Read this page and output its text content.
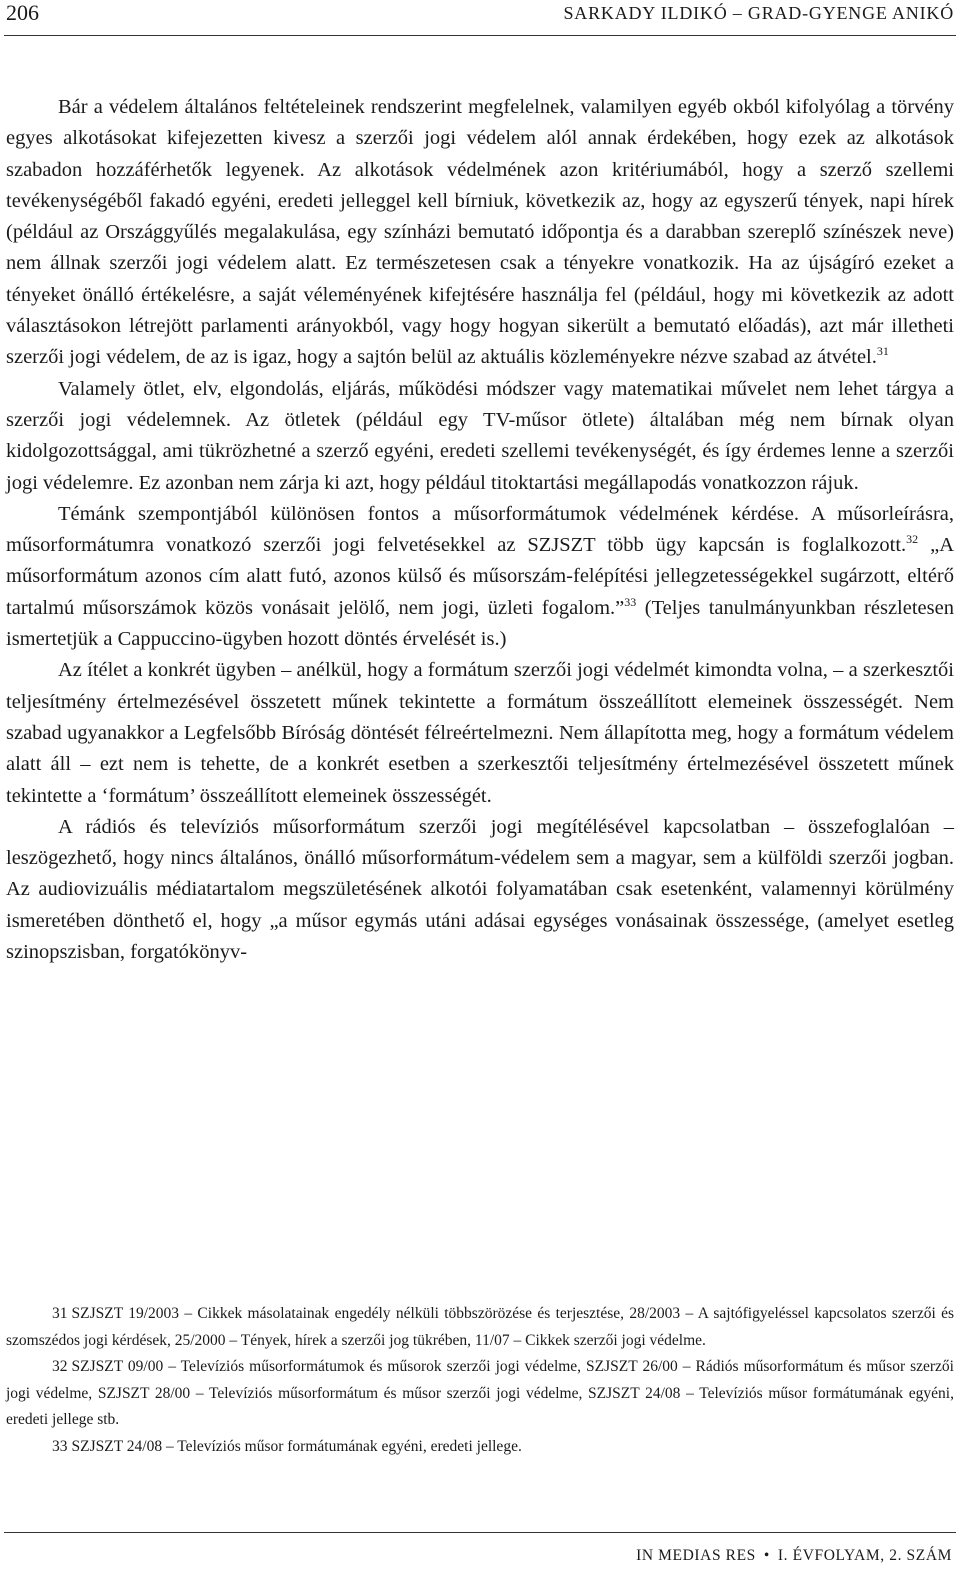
206	SARKADY ILDIKÓ – GRAD-GYENGE ANIKÓ

Bár a védelem általános feltételeinek rendszerint megfelelnek, valamilyen egyéb okból kifolyólag a törvény egyes alkotásokat kifejezetten kivesz a szerzői jogi védelem alól annak érdekében, hogy ezek az alkotások szabadon hozzáférhetők legyenek. Az alkotások védelmének azon kritériumából, hogy a szerző szellemi tevékenységéből fakadó egyéni, eredeti jelleggel kell bírniuk, következik az, hogy az egyszerű tények, napi hírek (például az Országgyűlés megalakulása, egy színházi bemutató időpontja és a darabban szereplő színészek neve) nem állnak szerzői jogi védelem alatt. Ez természetesen csak a tényekre vonatkozik. Ha az újságíró ezeket a tényeket önálló értékelésre, a saját véleményének kifejtésére használja fel (például, hogy mi következik az adott választásokon létrejött parlamenti arányokból, vagy hogy hogyan sikerült a bemutató előadás), azt már illetheti szerzői jogi védelem, de az is igaz, hogy a sajtón belül az aktuális közleményekre nézve szabad az átvétel.$^{31}$

Valamely ötlet, elv, elgondolás, eljárás, működési módszer vagy matematikai művelet nem lehet tárgya a szerzői jogi védelemnek. Az ötletek (például egy TV-műsor ötlete) általában még nem bírnak olyan kidolgozottsággal, ami tükrözhetné a szerző egyéni, eredeti szellemi tevékenységét, és így érdemes lenne a szerzői jogi védelemre. Ez azonban nem zárja ki azt, hogy például titoktartási megállapodás vonatkozzon rájuk.

Témánk szempontjából különösen fontos a műsorformátumok védelmének kérdése. A műsorleírásra, műsorformátumra vonatkozó szerzői jogi felvetésekkel az SZJSZT több ügy kapcsán is foglalkozott.$^{32}$ „A műsorformátum azonos cím alatt futó, azonos külső és műsorszám-felépítési jellegzetességekkel sugárzott, eltérő tartalmú műsorszámok közös vonásait jelölő, nem jogi, üzleti fogalom.”$^{33}$ (Teljes tanulmányunkban részletesen ismertetjük a Cappuccino-ügyben hozott döntés érvelését is.)

Az ítélet a konkrét ügyben – anélkül, hogy a formátum szerzői jogi védelmét kimondta volna, – a szerkesztői teljesítmény értelmezésével összetett műnek tekintette a formátum összeállított elemeinek összességét. Nem szabad ugyanakkor a Legfelsőbb Bíróság döntését félreértelmezni. Nem állapította meg, hogy a formátum védelem alatt áll – ezt nem is tehette, de a konkrét esetben a szerkesztői teljesítmény értelmezésével összetett műnek tekintette a ‘formátum’ összeállított elemeinek összességét.

A rádiós és televíziós műsorformátum szerzői jogi megítélésével kapcsolatban – összefoglalóan – leszögezhető, hogy nincs általános, önálló műsorformátum-védelem sem a magyar, sem a külföldi szerzői jogban. Az audiovizuális médiatartalom megszületésének alkotói folyamatában csak esetenként, valamennyi körülmény ismeretében dönthető el, hogy „a műsor egymás utáni adásai egységes vonásainak összessége, (amelyet esetleg szinopszisban, forgatókönyv-

31 SZJSZT 19/2003 – Cikkek másolatainak engedély nélküli többszörözése és terjesztése, 28/2003 – A sajtófigyeléssel kapcsolatos szerzői és szomszédos jogi kérdések, 25/2000 – Tények, hírek a szerzői jog tükrében, 11/07 – Cikkek szerzői jogi védelme.

32 SZJSZT 09/00 – Televíziós műsorformátumok és műsorok szerzői jogi védelme, SZJSZT 26/00 – Rádiós műsorformátum és műsor szerzői jogi védelme, SZJSZT 28/00 – Televíziós műsorformátum és műsor szerzői jogi védelme, SZJSZT 24/08 – Televíziós műsor formátumának egyéni, eredeti jellege stb.

33 SZJSZT 24/08 – Televíziós műsor formátumának egyéni, eredeti jellege.

IN MEDIAS RES • I. ÉVFOLYAM, 2. SZÁM
